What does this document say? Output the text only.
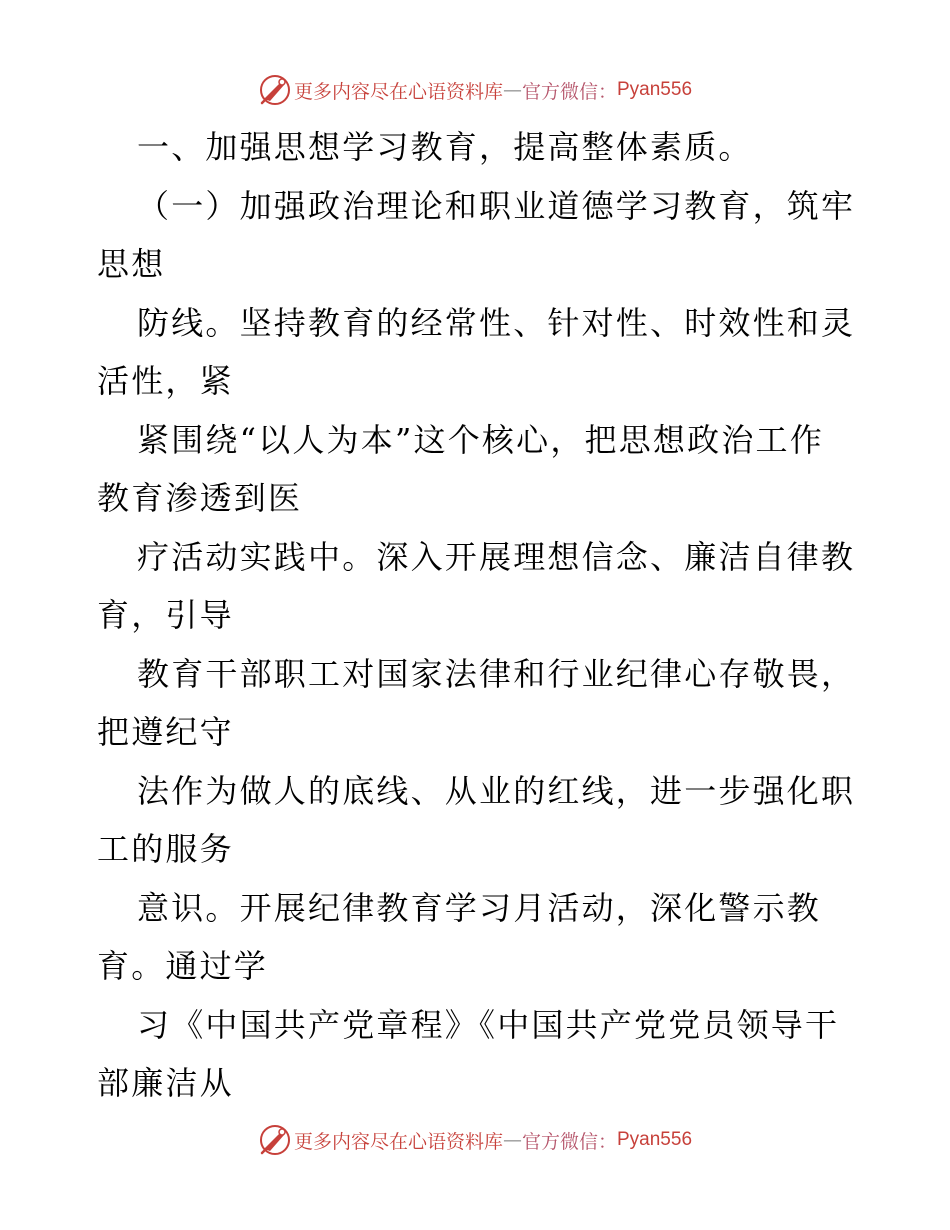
更多内容尽在心语资料库 — 官方微信： Pyan556
一、加强思想学习教育，提高整体素质。
（一）加强政治理论和职业道德学习教育，筑牢
思想
防线。坚持教育的经常性、针对性、时效性和灵
活性，紧
紧围绕“以人为本”这个核心，把思想政治工作
教育渗透到医
疗活动实践中。深入开展理想信念、廉洁自律教
育，引导
教育干部职工对国家法律和行业纪律心存敬畏，
把遵纪守
法作为做人的底线、从业的红线，进一步强化职
工的服务
意识。开展纪律教育学习月活动，深化警示教
育。通过学
习《中国共产党章程》《中国共产党党员领导干
部廉洁从
更多内容尽在心语资料库 — 官方微信： Pyan556
